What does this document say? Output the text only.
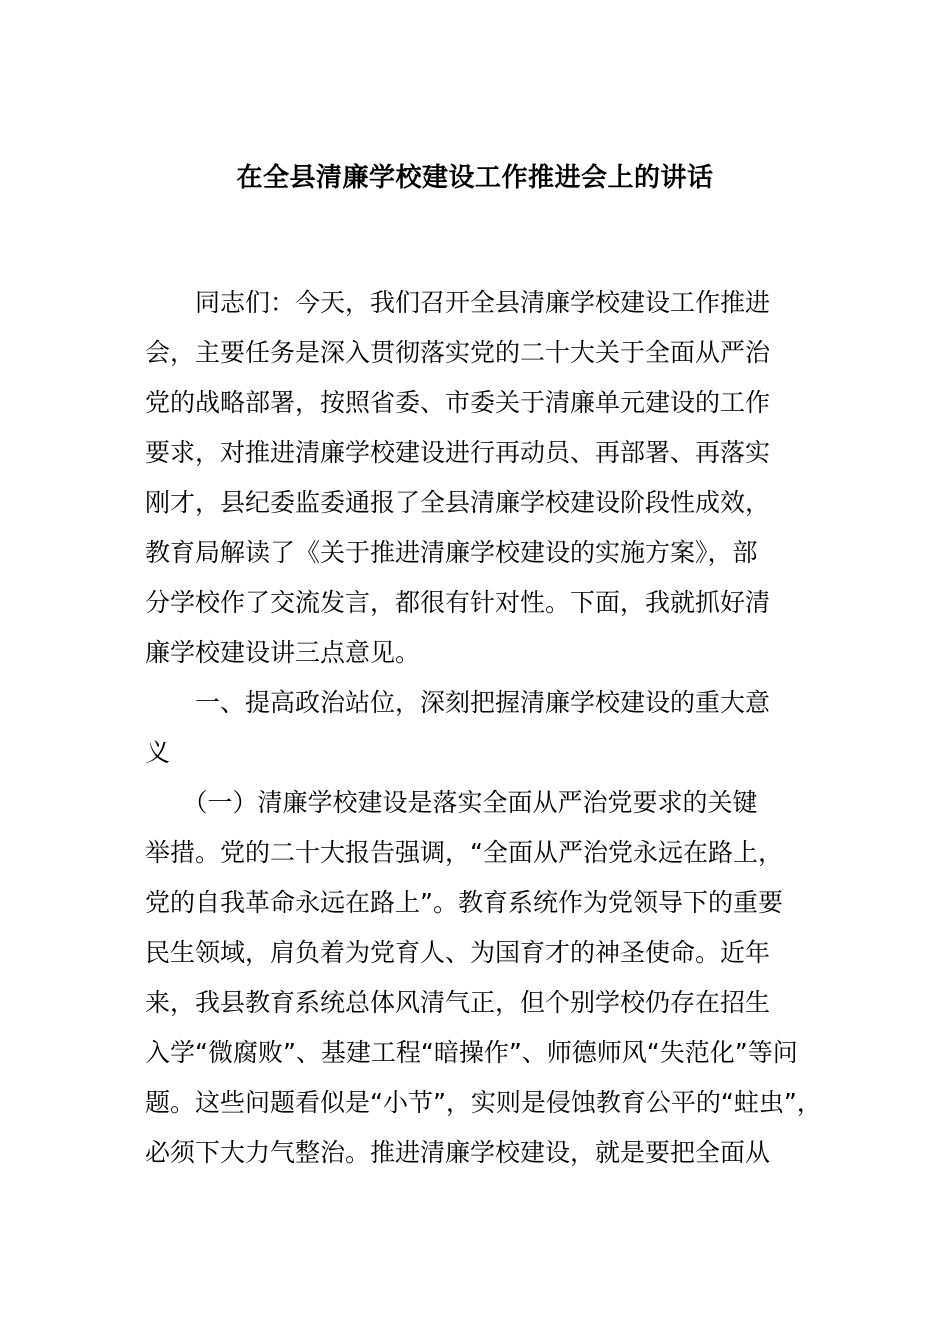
在全县清廉学校建设工作推进会上的讲话
　　同志们：今天，我们召开全县清廉学校建设工作推进
会，主要任务是深入贯彻落实党的二十大关于全面从严治
党的战略部署，按照省委、市委关于清廉单元建设的工作
要求，对推进清廉学校建设进行再动员、再部署、再落实
刚才，县纪委监委通报了全县清廉学校建设阶段性成效，
教育局解读了《关于推进清廉学校建设的实施方案》，部
分学校作了交流发言，都很有针对性。下面，我就抓好清
廉学校建设讲三点意见。
　　一、提高政治站位，深刻把握清廉学校建设的重大意
义
　　（一）清廉学校建设是落实全面从严治党要求的关键
举措。党的二十大报告强调，“全面从严治党永远在路上，
党的自我革命永远在路上”。教育系统作为党领导下的重要
民生领域，肩负着为党育人、为国育才的神圣使命。近年
来，我县教育系统总体风清气正，但个别学校仍存在招生
入学“微腐败”、基建工程“暗操作”、师德师风“失范化”等问
题。这些问题看似是“小节”，实则是侵蚀教育公平的“蛀虫”，
必须下大力气整治。推进清廉学校建设，就是要把全面从
